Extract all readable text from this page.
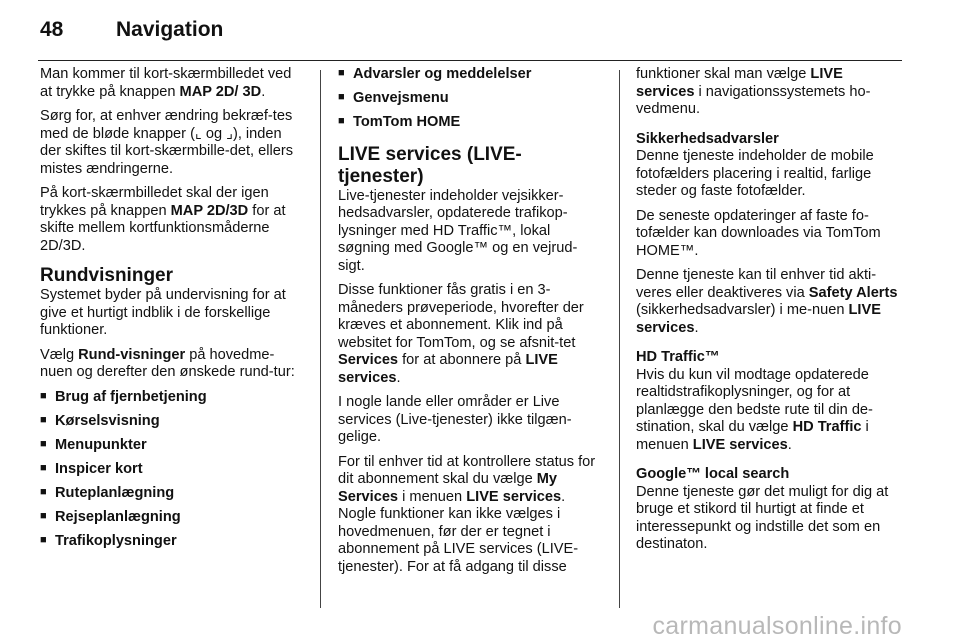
48	Navigation

Man kommer til kort-skærmbilledet ved at trykke på knappen MAP 2D/ 3D.

Sørg for, at enhver ændring bekræf-tes med de bløde knapper (⌞ og ⌟), inden der skiftes til kort-skærmbille-det, ellers mistes ændringerne.

På kort-skærmbilledet skal der igen trykkes på knappen MAP 2D/3D for at skifte mellem kortfunktionsmåderne 2D/3D.

Rundvisninger

Systemet byder på undervisning for at give et hurtigt indblik i de forskellige funktioner.

Vælg Rund-visninger på hovedme-nuen og derefter den ønskede rund-tur:

■ Brug af fjernbetjening
■ Kørselsvisning
■ Menupunkter
■ Inspicer kort
■ Ruteplanlægning
■ Rejseplanlægning
■ Trafikoplysninger
■ Advarsler og meddelelser
■ Genvejsmenu
■ TomTom HOME
LIVE services (LIVE-tjenester)

Live-tjenester indeholder vejsikker-hedsadvarsler, opdaterede trafikop-lysninger med HD Traffic™, lokal søgning med Google™ og en vejrud-sigt.

Disse funktioner fås gratis i en 3-måneders prøveperiode, hvorefter der kræves et abonnement. Klik ind på websitet for TomTom, og se afsnit-tet Services for at abonnere på LIVE services.

I nogle lande eller områder er Live services (Live-tjenester) ikke tilgæn-gelige.

For til enhver tid at kontrollere status for dit abonnement skal du vælge My Services i menuen LIVE services. Nogle funktioner kan ikke vælges i hovedmenuen, før der er tegnet i abonnement på LIVE services (LIVE-tjenester). For at få adgang til disse

funktioner skal man vælge LIVE services i navigationssystemets ho-vedmenu.

Sikkerhedsadvarsler

Denne tjeneste indeholder de mobile fotofælders placering i realtid, farlige steder og faste fotofælder.

De seneste opdateringer af faste fo-tofælder kan downloades via TomTom HOME™.

Denne tjeneste kan til enhver tid akti-veres eller deaktiveres via Safety Alerts (sikkerhedsadvarsler) i me-nuen LIVE services.

HD Traffic™

Hvis du kun vil modtage opdaterede realtidstrafikoplysninger, og for at planlægge den bedste rute til din de-stination, skal du vælge HD Traffic i menuen LIVE services.

Google™ local search

Denne tjeneste gør det muligt for dig at bruge et stikord til hurtigt at finde et interessepunkt og indstille det som en destinaton.

carmanualsonline.info
